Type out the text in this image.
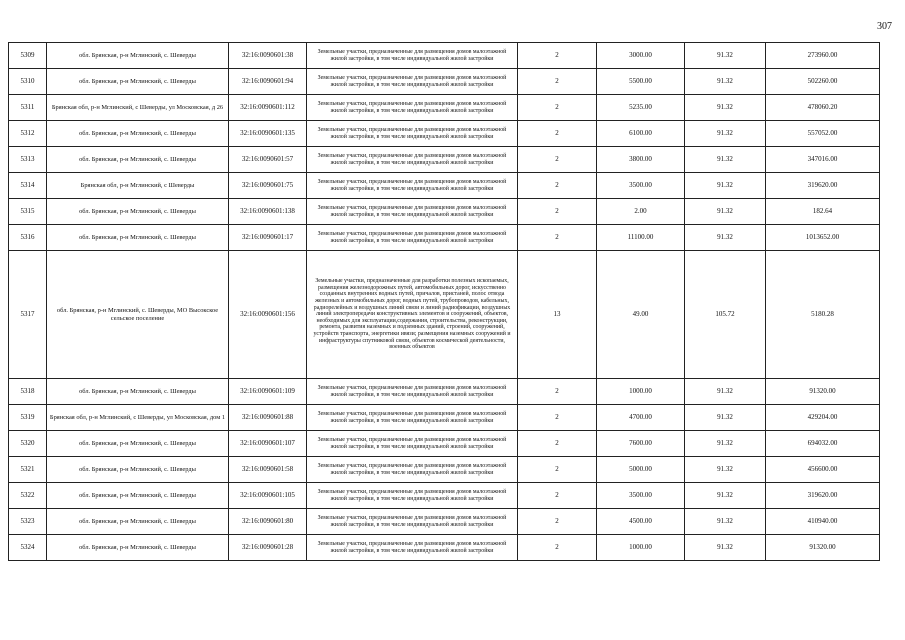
307
5309	обл. Брянская, р-н Мглинский, с. Шеверды	32:16:0090601:38	Земельные участки, предназначенные для размещения домов малоэтажной жилой застройки, в том числе индивидуальной жилой застройки	2	3000.00	91.32	273960.00
5310	обл. Брянская, р-н Мглинский, с. Шеверды	32:16:0090601:94	Земельные участки, предназначенные для размещения домов малоэтажной жилой застройки, в том числе индивидуальной жилой застройки	2	5500.00	91.32	502260.00
5311	Брянская обл, р-н Мглинский, с Шеверды, ул Московская, д 26	32:16:0090601:112	Земельные участки, предназначенные для размещения домов малоэтажной жилой застройки, в том числе индивидуальной жилой застройки	2	5235.00	91.32	478060.20
5312	обл. Брянская, р-н Мглинский, с. Шеверды	32:16:0090601:135	Земельные участки, предназначенные для размещения домов малоэтажной жилой застройки, в том числе индивидуальной жилой застройки	2	6100.00	91.32	557052.00
5313	обл. Брянская, р-н Мглинский, с. Шеверды	32:16:0090601:57	Земельные участки, предназначенные для размещения домов малоэтажной жилой застройки, в том числе индивидуальной жилой застройки	2	3800.00	91.32	347016.00
5314	Брянская обл, р-н Мглинский, с Шеверды	32:16:0090601:75	Земельные участки, предназначенные для размещения домов малоэтажной жилой застройки, в том числе индивидуальной жилой застройки	2	3500.00	91.32	319620.00
5315	обл. Брянская, р-н Мглинский, с. Шеверды	32:16:0090601:138	Земельные участки, предназначенные для размещения домов малоэтажной жилой застройки, в том числе индивидуальной жилой застройки	2	2.00	91.32	182.64
5316	обл. Брянская, р-н Мглинский, с. Шеверды	32:16:0090601:17	Земельные участки, предназначенные для размещения домов малоэтажной жилой застройки, в том числе индивидуальной жилой застройки	2	11100.00	91.32	1013652.00
5317	обл. Брянская, р-н Мглинский, с. Шеверды, МО Высокское сельское поселение	32:16:0090601:156	Земельные участки, предназначенные для разработки полезных ископаемых, размещения железнодорожных путей, автомобильных дорог, искусственно созданных внутренних водных путей, причалов, пристаней, полос отвода железных и автомобильных дорог, водных путей, трубопроводов, кабельных, радиорелейных и воздушных линий связи и линий радиофикации, воздушных линий электропередачи конструктивных элементов и сооружений, объектов, необходимых для эксплуатации,содержания, строительства, реконструкции, ремонта, развития наземных и подземных зданий, строений, сооружений, устройств транспорта, энергетики ивязи; размещения наземных сооружений и инфраструктуры спутниковой связи, объектов космической деятельности, военных объектов	13	49.00	105.72	5180.28
5318	обл. Брянская, р-н Мглинский, с. Шеверды	32:16:0090601:109	Земельные участки, предназначенные для размещения домов малоэтажной жилой застройки, в том числе индивидуальной жилой застройки	2	1000.00	91.32	91320.00
5319	Брянская обл, р-н Мглинский, с Шеверды, ул Московская, дом 1	32:16:0090601:88	Земельные участки, предназначенные для размещения домов малоэтажной жилой застройки, в том числе индивидуальной жилой застройки	2	4700.00	91.32	429204.00
5320	обл. Брянская, р-н Мглинский, с. Шеверды	32:16:0090601:107	Земельные участки, предназначенные для размещения домов малоэтажной жилой застройки, в том числе индивидуальной жилой застройки	2	7600.00	91.32	694032.00
5321	обл. Брянская, р-н Мглинский, с. Шеверды	32:16:0090601:58	Земельные участки, предназначенные для размещения домов малоэтажной жилой застройки, в том числе индивидуальной жилой застройки	2	5000.00	91.32	456600.00
5322	обл. Брянская, р-н Мглинский, с. Шеверды	32:16:0090601:105	Земельные участки, предназначенные для размещения домов малоэтажной жилой застройки, в том числе индивидуальной жилой застройки	2	3500.00	91.32	319620.00
5323	обл. Брянская, р-н Мглинский, с. Шеверды	32:16:0090601:80	Земельные участки, предназначенные для размещения домов малоэтажной жилой застройки, в том числе индивидуальной жилой застройки	2	4500.00	91.32	410940.00
5324	обл. Брянская, р-н Мглинский, с. Шеверды	32:16:0090601:28	Земельные участки, предназначенные для размещения домов малоэтажной жилой застройки, в том числе индивидуальной жилой застройки	2	1000.00	91.32	91320.00
